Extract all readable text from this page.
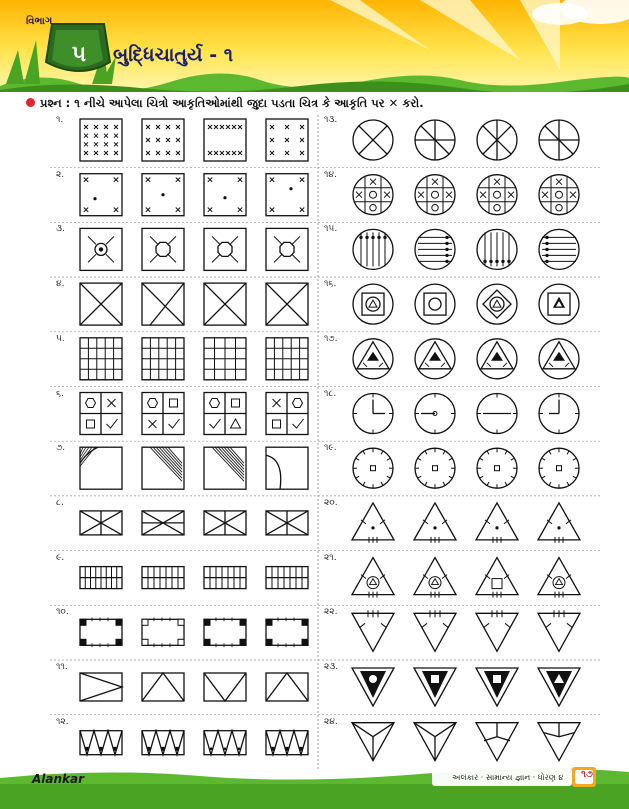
વિભાગ
૫	બુદ્ધિચાતુર્ય - ૧
પ્રશ્ન : ૧ નીચે આપેલા ચિત્રો આકૃતિઓમાંથી જુદા પડતા ચિત્ર કે આકૃતિ પર ✕ કરો.
૧.
૨.
૩.
૪.
૫.
૬.
૭.
૮.
૯.
૧૦.
૧૧.
૧૨.
૧૩.
૧૪.
૧૫.
૧૬.
૧૭.
૧૮.
૧૯.
૨૦.
૨૧.
૨૨.
૨૩.
૨૪.
Alankar	અલંકાર · સામાન્ય જ્ઞાન · ધોરણ ૪	૧૭
